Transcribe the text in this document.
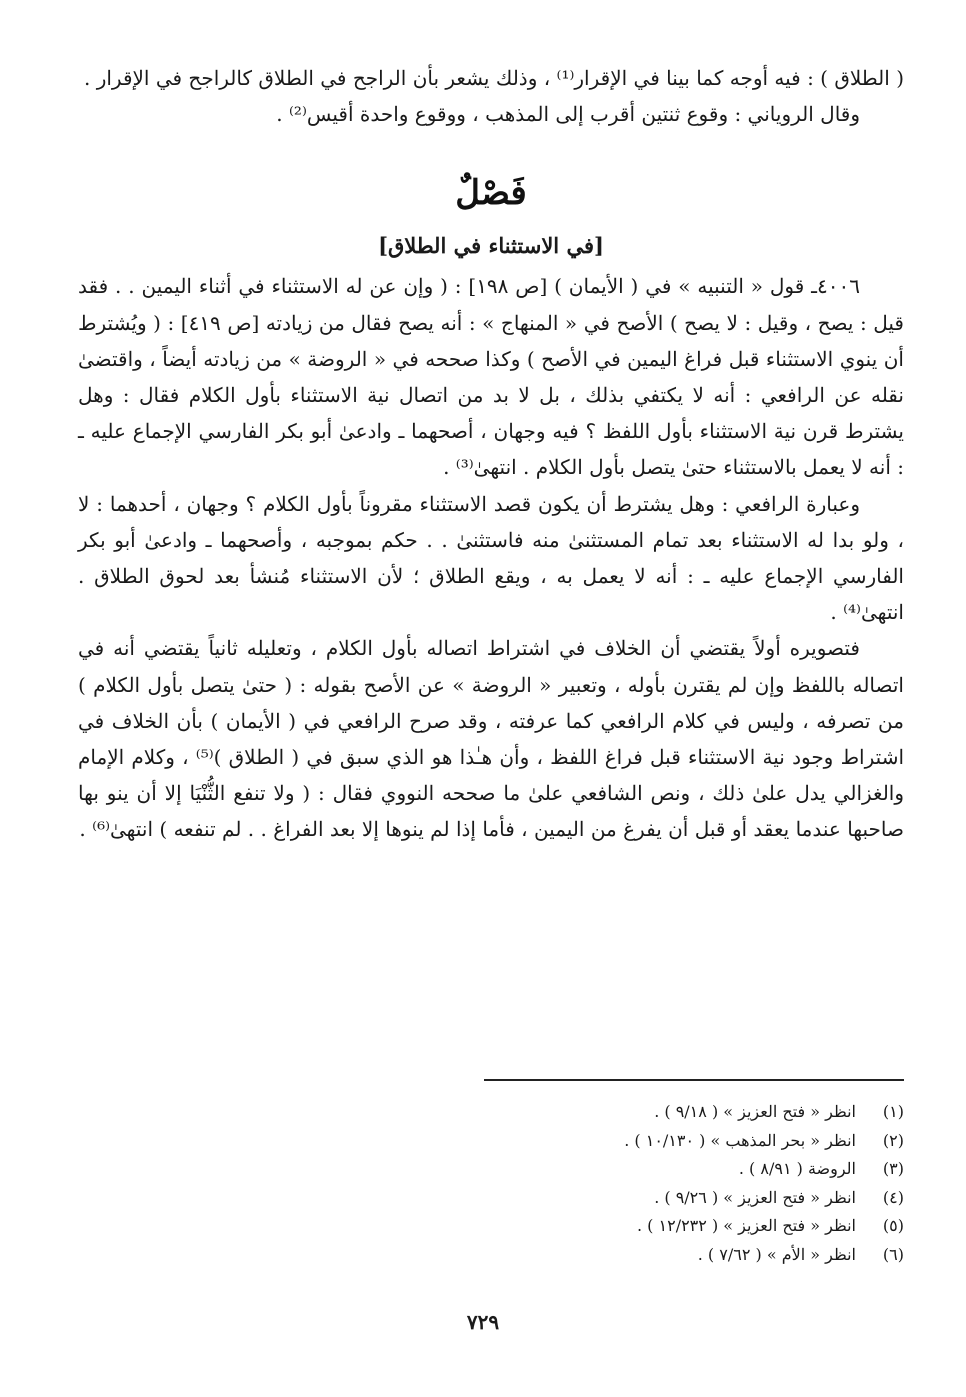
( الطلاق ) : فيه أوجه كما بينا في الإقرار⁽¹⁾ ، وذلك يشعر بأن الراجح في الطلاق كالراجح في الإقرار .

وقال الروياني : وقوع ثنتين أقرب إلى المذهب ، ووقوع واحدة أقيس⁽²⁾ .

فَصْلٌ
[في الاستثناء في الطلاق]

٤٠٠٦ـ قول « التنبيه » في ( الأيمان ) [ص ١٩٨] : ( وإن عن له الاستثناء في أثناء اليمين . . فقد قيل : يصح ، وقيل : لا يصح ) الأصح في « المنهاج » : أنه يصح فقال من زيادته [ص ٤١٩] : ( ويُشترط أن ينوي الاستثناء قبل فراغ اليمين في الأصح ) وكذا صححه في « الروضة » من زيادته أيضاً ، واقتضىٰ نقله عن الرافعي : أنه لا يكتفي بذلك ، بل لا بد من اتصال نية الاستثناء بأول الكلام فقال : وهل يشترط قرن نية الاستثناء بأول اللفظ ؟ فيه وجهان ، أصحهما ـ وادعىٰ أبو بكر الفارسي الإجماع عليه ـ : أنه لا يعمل بالاستثناء حتىٰ يتصل بأول الكلام . انتهىٰ⁽³⁾ .

وعبارة الرافعي : وهل يشترط أن يكون قصد الاستثناء مقروناً بأول الكلام ؟ وجهان ، أحدهما : لا ، ولو بدا له الاستثناء بعد تمام المستثنىٰ منه فاستثنىٰ . . حكم بموجبه ، وأصحهما ـ وادعىٰ أبو بكر الفارسي الإجماع عليه ـ : أنه لا يعمل به ، ويقع الطلاق ؛ لأن الاستثناء مُنشأ بعد لحوق الطلاق . انتهىٰ⁽⁴⁾ .

فتصويره أولاً يقتضي أن الخلاف في اشتراط اتصاله بأول الكلام ، وتعليله ثانياً يقتضي أنه في اتصاله باللفظ وإن لم يقترن بأوله ، وتعبير « الروضة » عن الأصح بقوله : ( حتىٰ يتصل بأول الكلام ) من تصرفه ، وليس في كلام الرافعي كما عرفته ، وقد صرح الرافعي في ( الأيمان ) بأن الخلاف في اشتراط وجود نية الاستثناء قبل فراغ اللفظ ، وأن هـٰذا هو الذي سبق في ( الطلاق )⁽⁵⁾ ، وكلام الإمام والغزالي يدل علىٰ ذلك ، ونص الشافعي علىٰ ما صححه النووي فقال : ( ولا تنفع الثُّنْيَا إلا أن ينو بها صاحبها عندما يعقد أو قبل أن يفرغ من اليمين ، فأما إذا لم ينوها إلا بعد الفراغ . . لم تنفعه ) انتهىٰ⁽⁶⁾ .

(١)
انظر « فتح العزيز » ( ٩/١٨ ) .
(٢)
انظر « بحر المذهب » ( ١٠/١٣٠ ) .
(٣)
الروضة ( ٨/٩١ ) .
(٤)
انظر « فتح العزيز » ( ٩/٢٦ ) .
(٥)
انظر « فتح العزيز » ( ١٢/٢٣٢ ) .
(٦)
انظر « الأم » ( ٧/٦٢ ) .
٧٢٩
